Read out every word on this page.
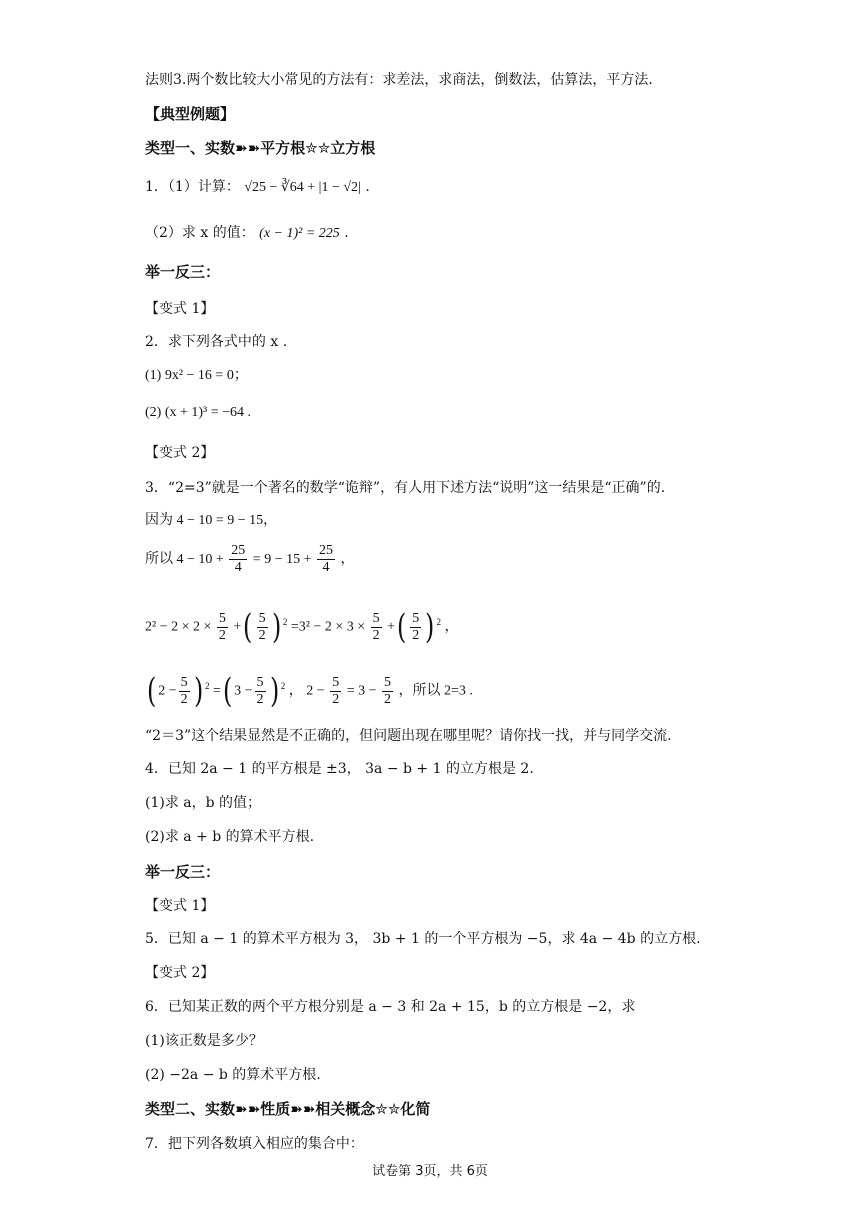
法则3.两个数比较大小常见的方法有：求差法，求商法，倒数法，估算法，平方法.
【典型例题】
类型一、实数➽➽平方根✮✮立方根
1．（1）计算： √25 − ∛64 + |1 − √2| .
（2）求 x 的值： (x − 1)² = 225 .
举一反三：
【变式 1】
2．求下列各式中的 x .
(1) 9x² − 16 = 0；
(2) (x + 1)³ = −64 .
【变式 2】
3．“2=3”就是一个著名的数学“诡辩”，有人用下述方法“说明”这一结果是“正确”的.
因为 4 − 10 = 9 − 15，
所以 $4 - 10 + \frac{25}{4} = 9 - 15 + \frac{25}{4}$ ，
$2^2 - 2 \times 2 \times \frac{5}{2}$ +( $\frac{5}{2}$ ) $^2 =3^2 - 2 \times 3 \times \frac{5}{2}$ +( $\frac{5}{2}$ ) $^2$ ，
( $2 - \frac{5}{2}$ ) $^2$ =( $3 - \frac{5}{2}$ ) $^2$ ， $2 - \frac{5}{2} = 3 - \frac{5}{2}$ ，所以 2=3 .
“2＝3”这个结果显然是不正确的，但问题出现在哪里呢？请你找一找，并与同学交流.
4．已知 2a − 1 的平方根是 ±3， 3a − b + 1 的立方根是 2.
(1)求 a，b 的值；
(2)求 a + b 的算术平方根.
举一反三：
【变式 1】
5．已知 a − 1 的算术平方根为 3， 3b + 1 的一个平方根为 −5，求 4a − 4b 的立方根.
【变式 2】
6．已知某正数的两个平方根分别是 a − 3 和 2a + 15，b 的立方根是 −2，求
(1)该正数是多少？
(2) −2a − b 的算术平方根.
类型二、实数➽➽性质➽➽相关概念✮✮化简
7．把下列各数填入相应的集合中：
试卷第 3页，共 6页
